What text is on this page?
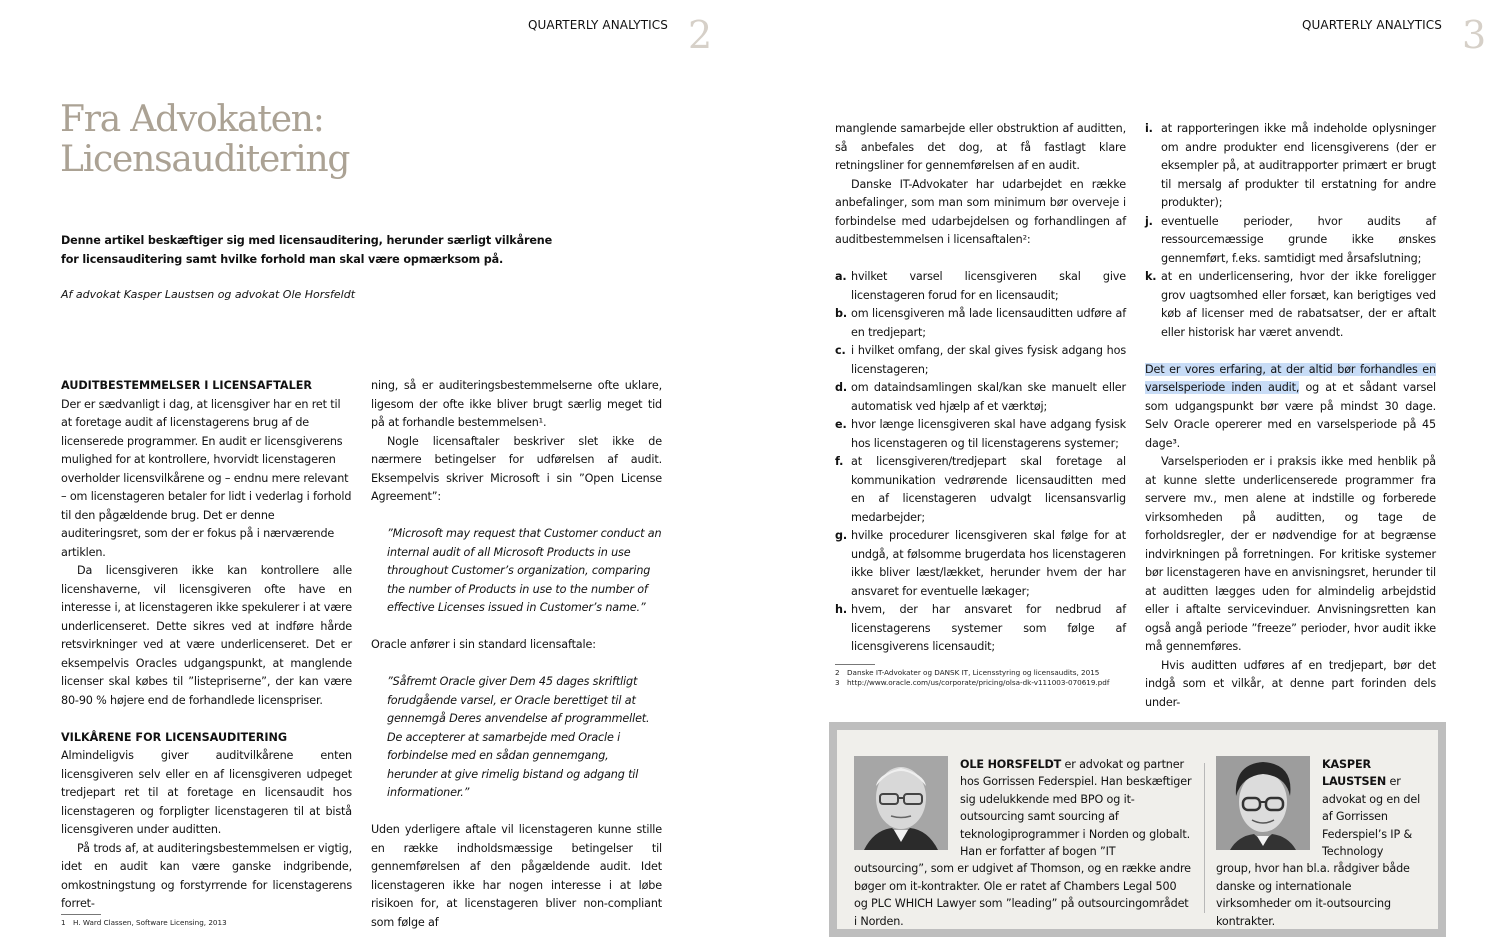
QUARTERLY ANALYTICS 2
Fra Advokaten:
Licensauditering
Denne artikel beskæftiger sig med licensauditering, herunder særligt vilkårene
for licensauditering samt hvilke forhold man skal være opmærksom på.
Af advokat Kasper Laustsen og advokat Ole Horsfeldt
AUDITBESTEMMELSER I LICENSAFTALER

Der er sædvanligt i dag, at licensgiver har en ret til at foretage audit af licenstagerens brug af de licenserede programmer. En audit er licensgiverens mulighed for at kontrollere, hvorvidt licenstageren overholder licensvilkårene og – endnu mere relevant – om licenstageren betaler for lidt i vederlag i forhold til den pågældende brug. Det er denne auditeringsret, som der er fokus på i nærværende artiklen.

Da licensgiveren ikke kan kontrollere alle licenshaverne, vil licensgiveren ofte have en interesse i, at licenstageren ikke spekulerer i at være underlicenseret. Dette sikres ved at indføre hårde retsvirkninger ved at være underlicenseret. Det er eksempelvis Oracles udgangspunkt, at manglende licenser skal købes til ”listepriserne”, der kan være 80-90 % højere end de forhandlede licenspriser.

VILKÅRENE FOR LICENSAUDITERING

Almindeligvis giver auditvilkårene enten licensgiveren selv eller en af licensgiveren udpeget tredjepart ret til at foretage en licensaudit hos licenstageren og forpligter licenstageren til at bistå licensgiveren under auditten.

På trods af, at auditeringsbestemmelsen er vigtig, idet en audit kan være ganske indgribende, omkostningstung og forstyrrende for licenstagerens forret-

1 H. Ward Classen, Software Licensing, 2013

ning, så er auditeringsbestemmelserne ofte uklare, ligesom der ofte ikke bliver brugt særlig meget tid på at forhandle bestemmelsen¹.

Nogle licensaftaler beskriver slet ikke de nærmere betingelser for udførelsen af audit. Eksempelvis skriver Microsoft i sin ”Open License Agreement”:

”Microsoft may request that Customer conduct an internal audit of all Microsoft Products in use throughout Customer’s organization, comparing the number of Products in use to the number of effective Licenses issued in Customer’s name.”

Oracle anfører i sin standard licensaftale:

”Såfremt Oracle giver Dem 45 dages skriftligt forudgående varsel, er Oracle berettiget til at gennemgå Deres anvendelse af programmellet. De accepterer at samarbejde med Oracle i forbindelse med en sådan gennemgang, herunder at give rimelig bistand og adgang til informationer.”

Uden yderligere aftale vil licenstageren kunne stille en række indholdsmæssige betingelser til gennemførelsen af den pågældende audit. Idet licenstageren ikke har nogen interesse i at løbe risikoen for, at licenstageren bliver non-compliant som følge af

QUARTERLY ANALYTICS 3

manglende samarbejde eller obstruktion af auditten, så anbefales det dog, at få fastlagt klare retningsliner for gennemførelsen af en audit.

Danske IT-Advokater har udarbejdet en række anbefalinger, som man som minimum bør overveje i forbindelse med udarbejdelsen og forhandlingen af auditbestemmelsen i licensaftalen²:

a. hvilket varsel licensgiveren skal give licenstageren forud for en licensaudit;
b. om licensgiveren må lade licensauditten udføre af en tredjepart;
c. i hvilket omfang, der skal gives fysisk adgang hos licenstageren;
d. om dataindsamlingen skal/kan ske manuelt eller automatisk ved hjælp af et værktøj;
e. hvor længe licensgiveren skal have adgang fysisk hos licenstageren og til licenstagerens systemer;
f. at licensgiveren/tredjepart skal foretage al kommunikation vedrørende licensauditten med en af licenstageren udvalgt licensansvarlig medarbejder;
g. hvilke procedurer licensgiveren skal følge for at undgå, at følsomme brugerdata hos licenstageren ikke bliver læst/lækket, herunder hvem der har ansvaret for eventuelle lækager;
h. hvem, der har ansvaret for nedbrud af licenstagerens systemer som følge af licensgiverens licensaudit;
2 Danske IT-Advokater og DANSK IT, Licensstyring og licensaudits, 2015
3 http://www.oracle.com/us/corporate/pricing/olsa-dk-v111003-070619.pdf
i. at rapporteringen ikke må indeholde oplysninger om andre produkter end licensgiverens (der er eksempler på, at auditrapporter primært er brugt til mersalg af produkter til erstatning for andre produkter);
j. eventuelle perioder, hvor audits af ressourcemæssige grunde ikke ønskes gennemført, f.eks. samtidigt med årsafslutning;
k. at en underlicensering, hvor der ikke foreligger grov uagtsomhed eller forsæt, kan berigtiges ved køb af licenser med de rabatsatser, der er aftalt eller historisk har været anvendt.

Det er vores erfaring, at der altid bør forhandles en varselsperiode inden audit, og at et sådant varsel som udgangspunkt bør være på mindst 30 dage. Selv Oracle opererer med en varselsperiode på 45 dage³.

Varselsperioden er i praksis ikke med henblik på at kunne slette underlicenserede programmer fra servere mv., men alene at indstille og forberede virksomheden på auditten, og tage de forholdsregler, der er nødvendige for at begrænse indvirkningen på forretningen. For kritiske systemer bør licenstageren have en anvisningsret, herunder til at auditten lægges uden for almindelig arbejdstid eller i aftalte servicevinduer. Anvisningsretten kan også angå periode ”freeze” perioder, hvor audit ikke må gennemføres.

Hvis auditten udføres af en tredjepart, bør det indgå som et vilkår, at denne part forinden dels under-

OLE HORSFELDT er advokat og partner hos Gorrissen Federspiel. Han beskæftiger sig udelukkende med BPO og it-outsourcing samt sourcing af teknologiprogrammer i Norden og globalt. Han er forfatter af bogen ”IT outsourcing”, som er udgivet af Thomson, og en række andre bøger om it-kontrakter. Ole er ratet af Chambers Legal 500 og PLC WHICH Lawyer som ”leading” på outsourcingområdet i Norden.
KASPER LAUSTSEN er advokat og en del af Gorrissen Federspiel’s IP & Technology group, hvor han bl.a. rådgiver både danske og internationale virksomheder om it-outsourcing kontrakter.
